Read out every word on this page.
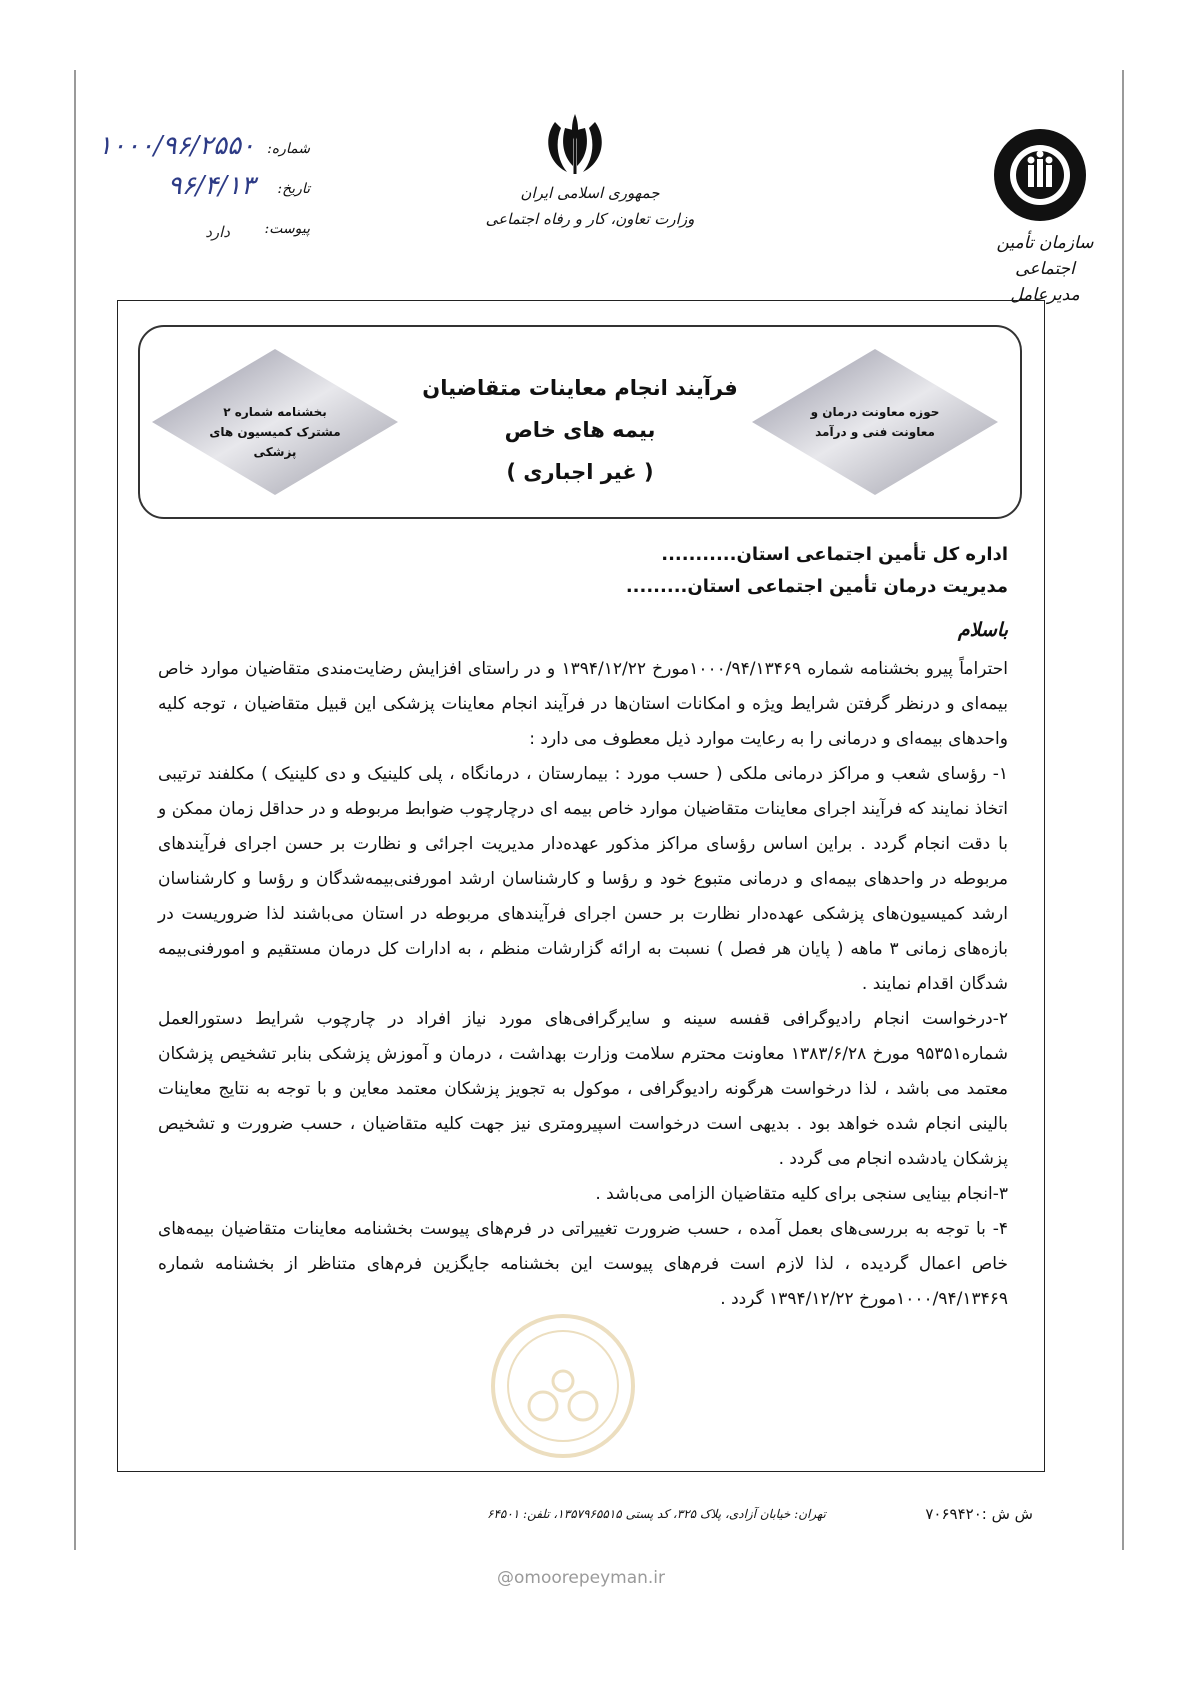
سازمان تأمین اجتماعی
مدیرعامل
جمهوری اسلامی ایران
وزارت تعاون، کار و رفاه اجتماعی
شماره:
۱۰۰۰/۹۶/۲۵۵۰
تاریخ:
۹۶/۴/۱۳
پیوست:
دارد
بخشنامه شماره ۲ مشترک کمیسیون های پزشکی
حوزه معاونت درمان و معاونت فنی و درآمد
فرآیند انجام معاینات متقاضیان
بیمه های خاص
( غیر اجباری )
اداره کل تأمین اجتماعی استان...........
مدیریت درمان تأمین اجتماعی استان.........
باسلام

احتراماً پیرو بخشنامه شماره ۱۰۰۰/۹۴/۱۳۴۶۹مورخ ۱۳۹۴/۱۲/۲۲ و در راستای افزایش رضایت‌مندی متقاضیان موارد خاص بیمه‌ای و درنظر گرفتن شرایط ویژه و امکانات استان‌ها در فرآیند انجام معاینات پزشکی این قبیل متقاضیان ، توجه کلیه واحدهای بیمه‌ای و درمانی را به رعایت موارد ذیل معطوف می دارد :

۱- رؤسای شعب و مراکز درمانی ملکی ( حسب مورد : بیمارستان ، درمانگاه ، پلی کلینیک و دی کلینیک ) مکلفند ترتیبی اتخاذ نمایند که فرآیند اجرای معاینات متقاضیان موارد خاص بیمه ای درچارچوب ضوابط مربوطه و در حداقل زمان ممکن و با دقت انجام گردد . براین اساس رؤسای مراکز مذکور عهده‌دار مدیریت اجرائی و نظارت بر حسن اجرای فرآیندهای مربوطه در واحدهای بیمه‌ای و درمانی متبوع خود و رؤسا و کارشناسان ارشد امورفنی‌بیمه‌شدگان و رؤسا و کارشناسان ارشد کمیسیون‌های پزشکی عهده‌دار نظارت بر حسن اجرای فرآیندهای مربوطه در استان می‌باشند لذا ضروریست در بازه‌های زمانی ۳ ماهه ( پایان هر فصل ) نسبت به ارائه گزارشات منظم ، به ادارات کل درمان مستقیم و امورفنی‌بیمه شدگان اقدام نمایند .

۲-درخواست انجام رادیوگرافی قفسه سینه و سایرگرافی‌های مورد نیاز افراد در چارچوب شرایط دستورالعمل شماره۹۵۳۵۱ مورخ ۱۳۸۳/۶/۲۸ معاونت محترم سلامت وزارت بهداشت ، درمان و آموزش پزشکی بنابر تشخیص پزشکان معتمد می باشد ، لذا درخواست هرگونه رادیوگرافی ، موکول به تجویز پزشکان معتمد معاین و با توجه به نتایج معاینات بالینی انجام شده خواهد بود . بدیهی است درخواست اسپیرومتری نیز جهت کلیه متقاضیان ، حسب ضرورت و تشخیص پزشکان یادشده انجام می گردد .

۳-انجام بینایی سنجی برای کلیه متقاضیان الزامی می‌باشد .

۴- با توجه به بررسی‌های بعمل آمده ، حسب ضرورت تغییراتی در فرم‌های پیوست بخشنامه معاینات متقاضیان بیمه‌های خاص اعمال گردیده ، لذا لازم است فرم‌های پیوست این بخشنامه جایگزین فرم‌های متناظر از بخشنامه شماره ۱۰۰۰/۹۴/۱۳۴۶۹مورخ ۱۳۹۴/۱۲/۲۲ گردد .

ش ش :۷۰۶۹۴۲۰
تهران: خیابان آزادی، پلاک ۳۲۵، کد پستی ۱۳۵۷۹۶۵۵۱۵، تلفن: ۶۴۵۰۱
@omoorepeyman.ir
